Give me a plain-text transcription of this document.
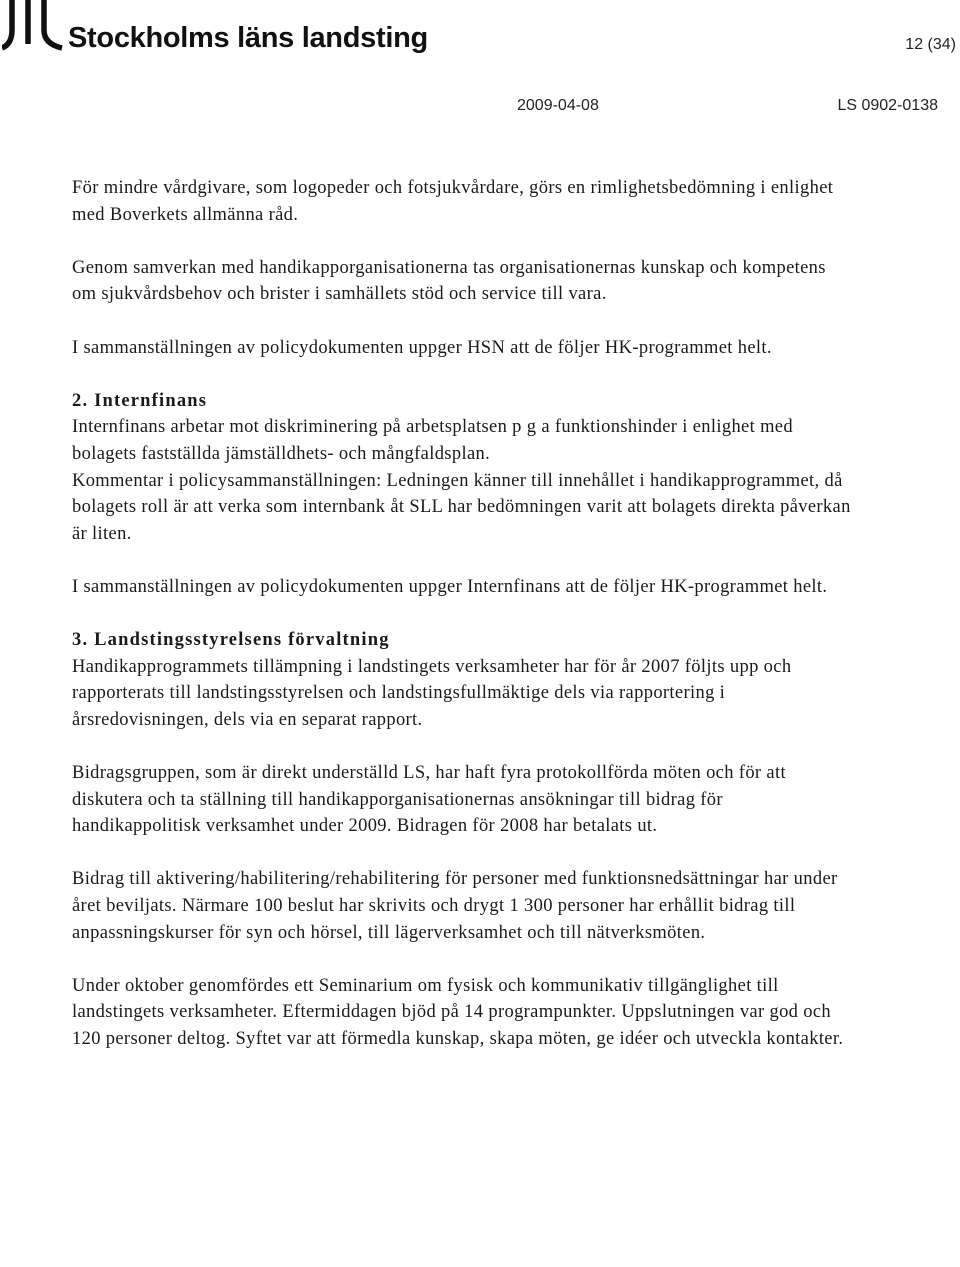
Stockholms läns landsting	12 (34)
2009-04-08	LS 0902-0138

För mindre vårdgivare, som logopeder och fotsjukvårdare, görs en rimlighetsbedömning i enlighet med Boverkets allmänna råd.

Genom samverkan med handikapporganisationerna tas organisationernas kunskap och kompetens om sjukvårdsbehov och brister i samhällets stöd och service till vara.

I sammanställningen av policydokumenten uppger HSN att de följer HK-programmet helt.

2. Internfinans

Internfinans arbetar mot diskriminering på arbetsplatsen p g a funktionshinder i enlighet med bolagets fastställda jämställdhets- och mångfaldsplan.

Kommentar i policysammanställningen: Ledningen känner till innehållet i handikapprogrammet, då bolagets roll är att verka som internbank åt SLL har bedömningen varit att bolagets direkta påverkan är liten.

I sammanställningen av policydokumenten uppger Internfinans att de följer HK-programmet helt.

3. Landstingsstyrelsens förvaltning

Handikapprogrammets tillämpning i landstingets verksamheter har för år 2007 följts upp och rapporterats till landstingsstyrelsen och landstingsfullmäktige dels via rapportering i årsredovisningen, dels via en separat rapport.

Bidragsgruppen, som är direkt underställd LS, har haft fyra protokollförda möten och för att diskutera och ta ställning till handikapporganisationernas ansökningar till bidrag för handikappolitisk verksamhet under 2009. Bidragen för 2008 har betalats ut.

Bidrag till aktivering/habilitering/rehabilitering för personer med funktionsnedsättningar har under året beviljats. Närmare 100 beslut har skrivits och drygt 1 300 personer har erhållit bidrag till anpassningskurser för syn och hörsel, till lägerverksamhet och till nätverksmöten.

Under oktober genomfördes ett Seminarium om fysisk och kommunikativ tillgänglighet till landstingets verksamheter. Eftermiddagen bjöd på 14 programpunkter. Uppslutningen var god och 120 personer deltog. Syftet var att förmedla kunskap, skapa möten, ge idéer och utveckla kontakter.
